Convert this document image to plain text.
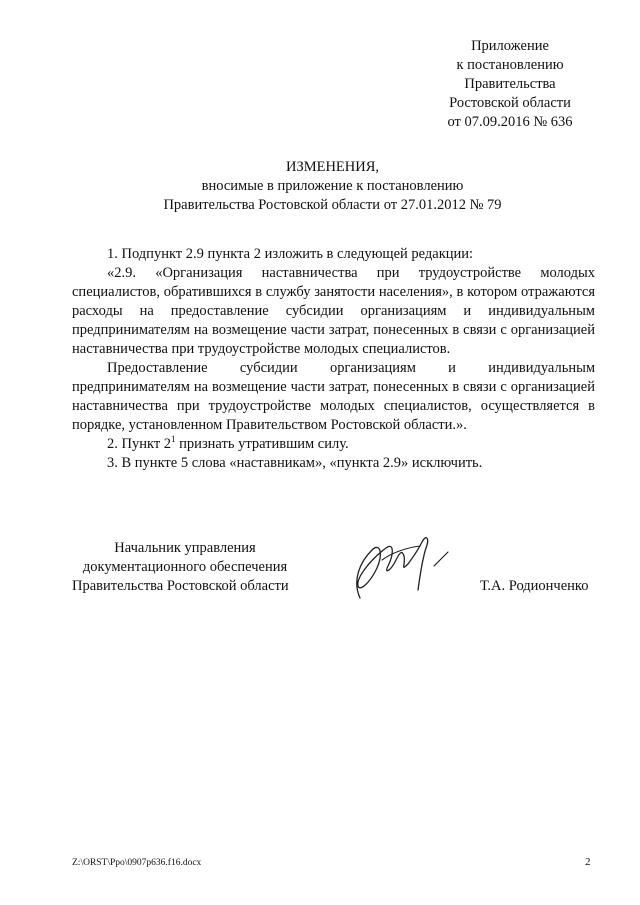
Приложение
к постановлению
Правительства
Ростовской области
от 07.09.2016 № 636
ИЗМЕНЕНИЯ,
вносимые в приложение к постановлению
Правительства Ростовской области от 27.01.2012 № 79

1. Подпункт 2.9 пункта 2 изложить в следующей редакции:

«2.9. «Организация наставничества при трудоустройстве молодых специалистов, обратившихся в службу занятости населения», в котором отражаются расходы на предоставление субсидии организациям и индивидуальным предпринимателям на возмещение части затрат, понесенных в связи с организацией наставничества при трудоустройстве молодых специалистов.

Предоставление субсидии организациям и индивидуальным предпринимателям на возмещение части затрат, понесенных в связи с организацией наставничества при трудоустройстве молодых специалистов, осуществляется в порядке, установленном Правительством Ростовской области.».

2. Пункт $2^1$ признать утратившим силу.

3. В пункте 5 слова «наставникам», «пункта 2.9» исключить.

Начальник управления
документационного обеспечения
Правительства Ростовской области	Т.А. Родионченко
Z:\ORST\Ppo\0907p636.f16.docx	2
